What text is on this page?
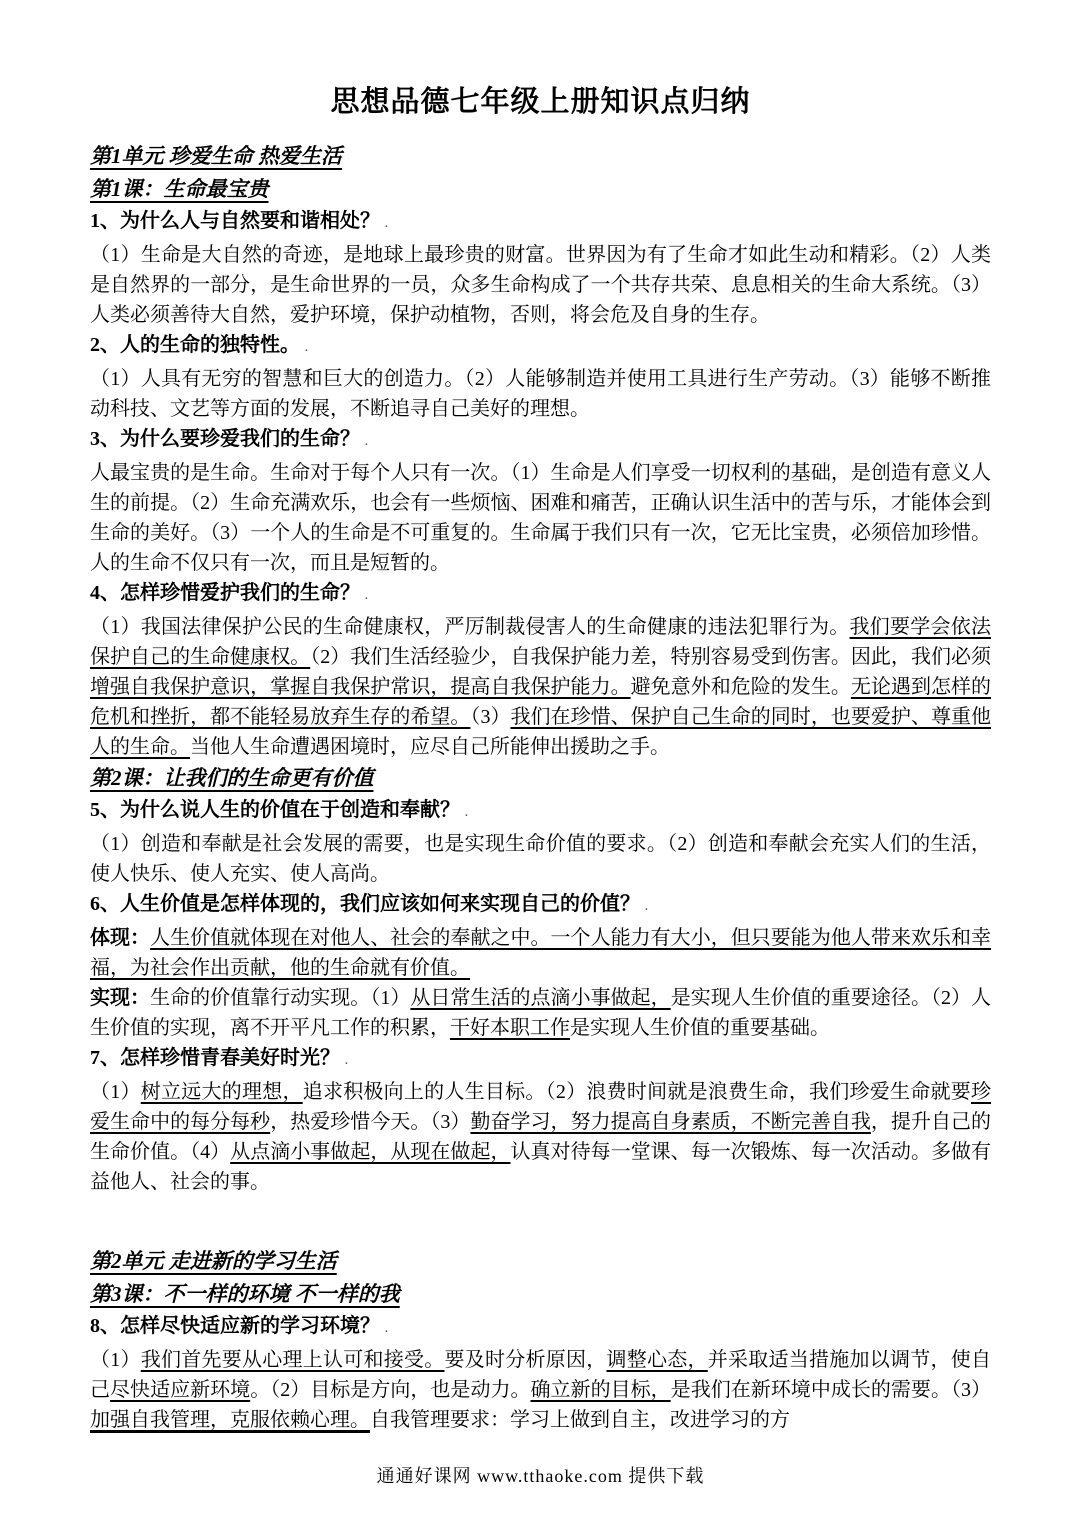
思想品德七年级上册知识点归纳
第1单元 珍爱生命 热爱生活
第1课：生命最宝贵
1、为什么人与自然要和谐相处？ .
（1）生命是大自然的奇迹，是地球上最珍贵的财富。世界因为有了生命才如此生动和精彩。（2）人类是自然界的一部分，是生命世界的一员，众多生命构成了一个共存共荣、息息相关的生命大系统。（3）人类必须善待大自然，爱护环境，保护动植物，否则，将会危及自身的生存。
2、人的生命的独特性。 .
（1）人具有无穷的智慧和巨大的创造力。（2）人能够制造并使用工具进行生产劳动。（3）能够不断推动科技、文艺等方面的发展，不断追寻自己美好的理想。
3、为什么要珍爱我们的生命？ .
人最宝贵的是生命。生命对于每个人只有一次。（1）生命是人们享受一切权利的基础，是创造有意义人生的前提。（2）生命充满欢乐，也会有一些烦恼、困难和痛苦，正确认识生活中的苦与乐，才能体会到生命的美好。（3）一个人的生命是不可重复的。生命属于我们只有一次，它无比宝贵，必须倍加珍惜。人的生命不仅只有一次，而且是短暂的。
4、怎样珍惜爱护我们的生命？ .
（1）我国法律保护公民的生命健康权，严厉制裁侵害人的生命健康的违法犯罪行为。我们要学会依法保护自己的生命健康权。（2）我们生活经验少，自我保护能力差，特别容易受到伤害。因此，我们必须增强自我保护意识，掌握自我保护常识，提高自我保护能力。避免意外和危险的发生。无论遇到怎样的危机和挫折，都不能轻易放弃生存的希望。（3）我们在珍惜、保护自己生命的同时，也要爱护、尊重他人的生命。当他人生命遭遇困境时，应尽自己所能伸出援助之手。
第2课：让我们的生命更有价值
5、为什么说人生的价值在于创造和奉献？ .
（1）创造和奉献是社会发展的需要，也是实现生命价值的要求。（2）创造和奉献会充实人们的生活，使人快乐、使人充实、使人高尚。
6、人生价值是怎样体现的，我们应该如何来实现自己的价值？ .
体现：人生价值就体现在对他人、社会的奉献之中。一个人能力有大小，但只要能为他人带来欢乐和幸福，为社会作出贡献，他的生命就有价值。
实现：生命的价值靠行动实现。（1）从日常生活的点滴小事做起，是实现人生价值的重要途径。（2）人生价值的实现，离不开平凡工作的积累，干好本职工作是实现人生价值的重要基础。
7、怎样珍惜青春美好时光？ .
（1）树立远大的理想，追求积极向上的人生目标。（2）浪费时间就是浪费生命，我们珍爱生命就要珍爱生命中的每分每秒，热爱珍惜今天。（3）勤奋学习，努力提高自身素质，不断完善自我，提升自己的生命价值。（4）从点滴小事做起，从现在做起，认真对待每一堂课、每一次锻炼、每一次活动。多做有益他人、社会的事。
第2单元 走进新的学习生活
第3课：不一样的环境 不一样的我
8、怎样尽快适应新的学习环境？ .
（1）我们首先要从心理上认可和接受。要及时分析原因，调整心态，并采取适当措施加以调节，使自己尽快适应新环境。（2）目标是方向，也是动力。确立新的目标，是我们在新环境中成长的需要。（3）加强自我管理，克服依赖心理。自我管理要求：学习上做到自主，改进学习的方
通通好课网 www.tthaoke.com 提供下载
